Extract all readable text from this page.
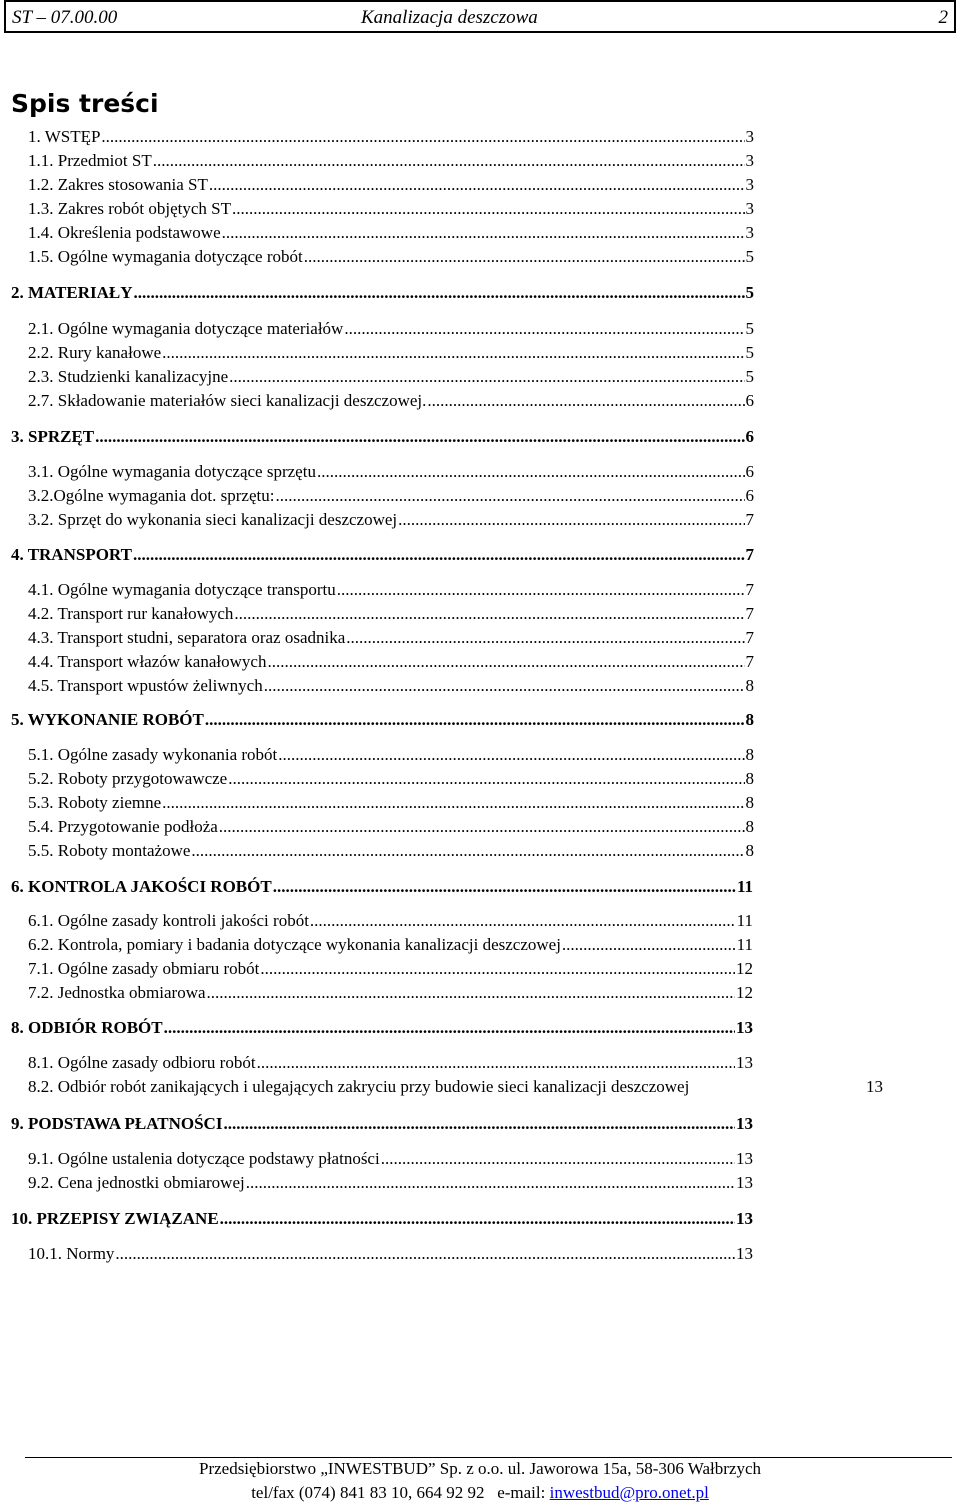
ST – 07.00.00	Kanalizacja deszczowa	2
Spis treści
1. WSTĘP .....	3
1.1. Przedmiot ST .....	3
1.2. Zakres stosowania ST .....	3
1.3. Zakres robót objętych ST .....	3
1.4. Określenia podstawowe .....	3
1.5. Ogólne wymagania dotyczące robót .....	5
2. MATERIAŁY .....	5
2.1. Ogólne wymagania dotyczące materiałów .....	5
2.2. Rury kanałowe .....	5
2.3. Studzienki kanalizacyjne .....	5
2.7. Składowanie materiałów sieci kanalizacji deszczowej. .....	6
3. SPRZĘT .....	6
3.1. Ogólne wymagania dotyczące sprzętu .....	6
3.2.Ogólne wymagania dot. sprzętu: .....	6
3.2. Sprzęt do wykonania sieci kanalizacji deszczowej .....	7
4. TRANSPORT .....	7
4.1. Ogólne wymagania dotyczące transportu .....	7
4.2. Transport rur kanałowych .....	7
4.3. Transport studni, separatora oraz osadnika .....	7
4.4. Transport włazów kanałowych .....	7
4.5. Transport wpustów żeliwnych .....	8
5. WYKONANIE ROBÓT .....	8
5.1. Ogólne zasady wykonania robót .....	8
5.2. Roboty przygotowawcze .....	8
5.3. Roboty ziemne .....	8
5.4. Przygotowanie podłoża .....	8
5.5. Roboty montażowe .....	8
6. KONTROLA JAKOŚCI ROBÓT .....	11
6.1. Ogólne zasady kontroli jakości robót .....	11
6.2. Kontrola, pomiary i badania dotyczące wykonania kanalizacji deszczowej .....	11
7.1. Ogólne zasady obmiaru robót .....	12
7.2. Jednostka obmiarowa .....	12
8. ODBIÓR ROBÓT .....	13
8.1. Ogólne zasady odbioru robót .....	13
8.2. Odbiór robót zanikających i ulegających zakryciu przy budowie sieci kanalizacji deszczowej	13
9. PODSTAWA PŁATNOŚCI .....	13
9.1. Ogólne ustalenia dotyczące podstawy płatności .....	13
9.2. Cena jednostki obmiarowej .....	13
10. PRZEPISY ZWIĄZANE .....	13
10.1. Normy .....	13
Przedsiębiorstwo „INWESTBUD” Sp. z o.o. ul. Jaworowa 15a, 58-306 Wałbrzych
tel/fax (074) 841 83 10, 664 92 92   e-mail: inwestbud@pro.onet.pl
